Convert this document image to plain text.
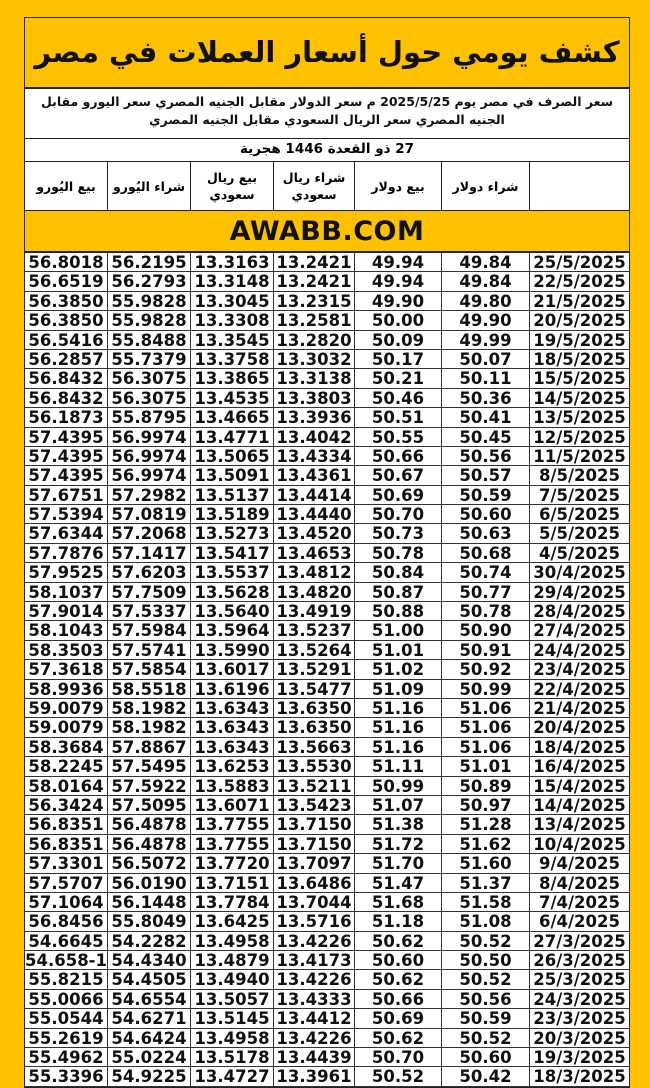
كشف يومي حول أسعار العملات في مصر
سعر الصرف في مصر يوم 2025/5/25 م سعر الدولار مقابل الجنيه المصري سعر اليورو مقابل الجنيه المصري سعر الريال السعودي مقابل الجنيه المصري
27 ذو القعدة 1446 هجرية
شراء دولار
بيع دولار
شراء ريال سعودي
بيع ريال سعودي
شراء اليُورو
بيع اليُورو
AWABB.COM
25/5/2025
49.84
49.94
13.2421
13.3163
56.2195
56.8018
22/5/2025
49.84
49.94
13.2421
13.3148
56.2793
56.6519
21/5/2025
49.80
49.90
13.2315
13.3045
55.9828
56.3850
20/5/2025
49.90
50.00
13.2581
13.3308
55.9828
56.3850
19/5/2025
49.99
50.09
13.2820
13.3545
55.8488
56.5416
18/5/2025
50.07
50.17
13.3032
13.3758
55.7379
56.2857
15/5/2025
50.11
50.21
13.3138
13.3865
56.3075
56.8432
14/5/2025
50.36
50.46
13.3803
13.4535
56.3075
56.8432
13/5/2025
50.41
50.51
13.3936
13.4665
55.8795
56.1873
12/5/2025
50.45
50.55
13.4042
13.4771
56.9974
57.4395
11/5/2025
50.56
50.66
13.4334
13.5065
56.9974
57.4395
8/5/2025
50.57
50.67
13.4361
13.5091
56.9974
57.4395
7/5/2025
50.59
50.69
13.4414
13.5137
57.2982
57.6751
6/5/2025
50.60
50.70
13.4440
13.5189
57.0819
57.5394
5/5/2025
50.63
50.73
13.4520
13.5273
57.2068
57.6344
4/5/2025
50.68
50.78
13.4653
13.5417
57.1417
57.7876
30/4/2025
50.74
50.84
13.4812
13.5537
57.6203
57.9525
29/4/2025
50.77
50.87
13.4820
13.5628
57.7509
58.1037
28/4/2025
50.78
50.88
13.4919
13.5640
57.5337
57.9014
27/4/2025
50.90
51.00
13.5237
13.5964
57.5984
58.1043
24/4/2025
50.91
51.01
13.5264
13.5990
57.5741
58.3503
23/4/2025
50.92
51.02
13.5291
13.6017
57.5854
57.3618
22/4/2025
50.99
51.09
13.5477
13.6196
58.5518
58.9936
21/4/2025
51.06
51.16
13.6350
13.6343
58.1982
59.0079
20/4/2025
51.06
51.16
13.6350
13.6343
58.1982
59.0079
18/4/2025
51.06
51.16
13.5663
13.6343
57.8867
58.3684
16/4/2025
51.01
51.11
13.5530
13.6253
57.5495
58.2245
15/4/2025
50.89
50.99
13.5211
13.5883
57.5922
58.0164
14/4/2025
50.97
51.07
13.5423
13.6071
57.5095
56.3424
13/4/2025
51.28
51.38
13.7150
13.7755
56.4878
56.8351
10/4/2025
51.62
51.72
13.7150
13.7755
56.4878
56.8351
9/4/2025
51.60
51.70
13.7097
13.7720
56.5072
57.3301
8/4/2025
51.37
51.47
13.6486
13.7151
56.0190
57.5707
7/4/2025
51.58
51.68
13.7044
13.7784
56.1448
57.1064
6/4/2025
51.08
51.18
13.5716
13.6425
55.8049
56.8456
27/3/2025
50.52
50.62
13.4226
13.4958
54.2282
54.6645
26/3/2025
50.50
50.60
13.4173
13.4879
54.4340
54.658-1
25/3/2025
50.52
50.62
13.4226
13.4940
54.4505
55.8215
24/3/2025
50.56
50.66
13.4333
13.5057
54.6554
55.0066
23/3/2025
50.59
50.69
13.4412
13.5145
54.6271
55.0544
20/3/2025
50.52
50.62
13.4226
13.4958
54.6424
55.2619
19/3/2025
50.60
50.70
13.4439
13.5178
55.0224
55.4962
18/3/2025
50.42
50.52
13.3961
13.4727
54.9225
55.3396
